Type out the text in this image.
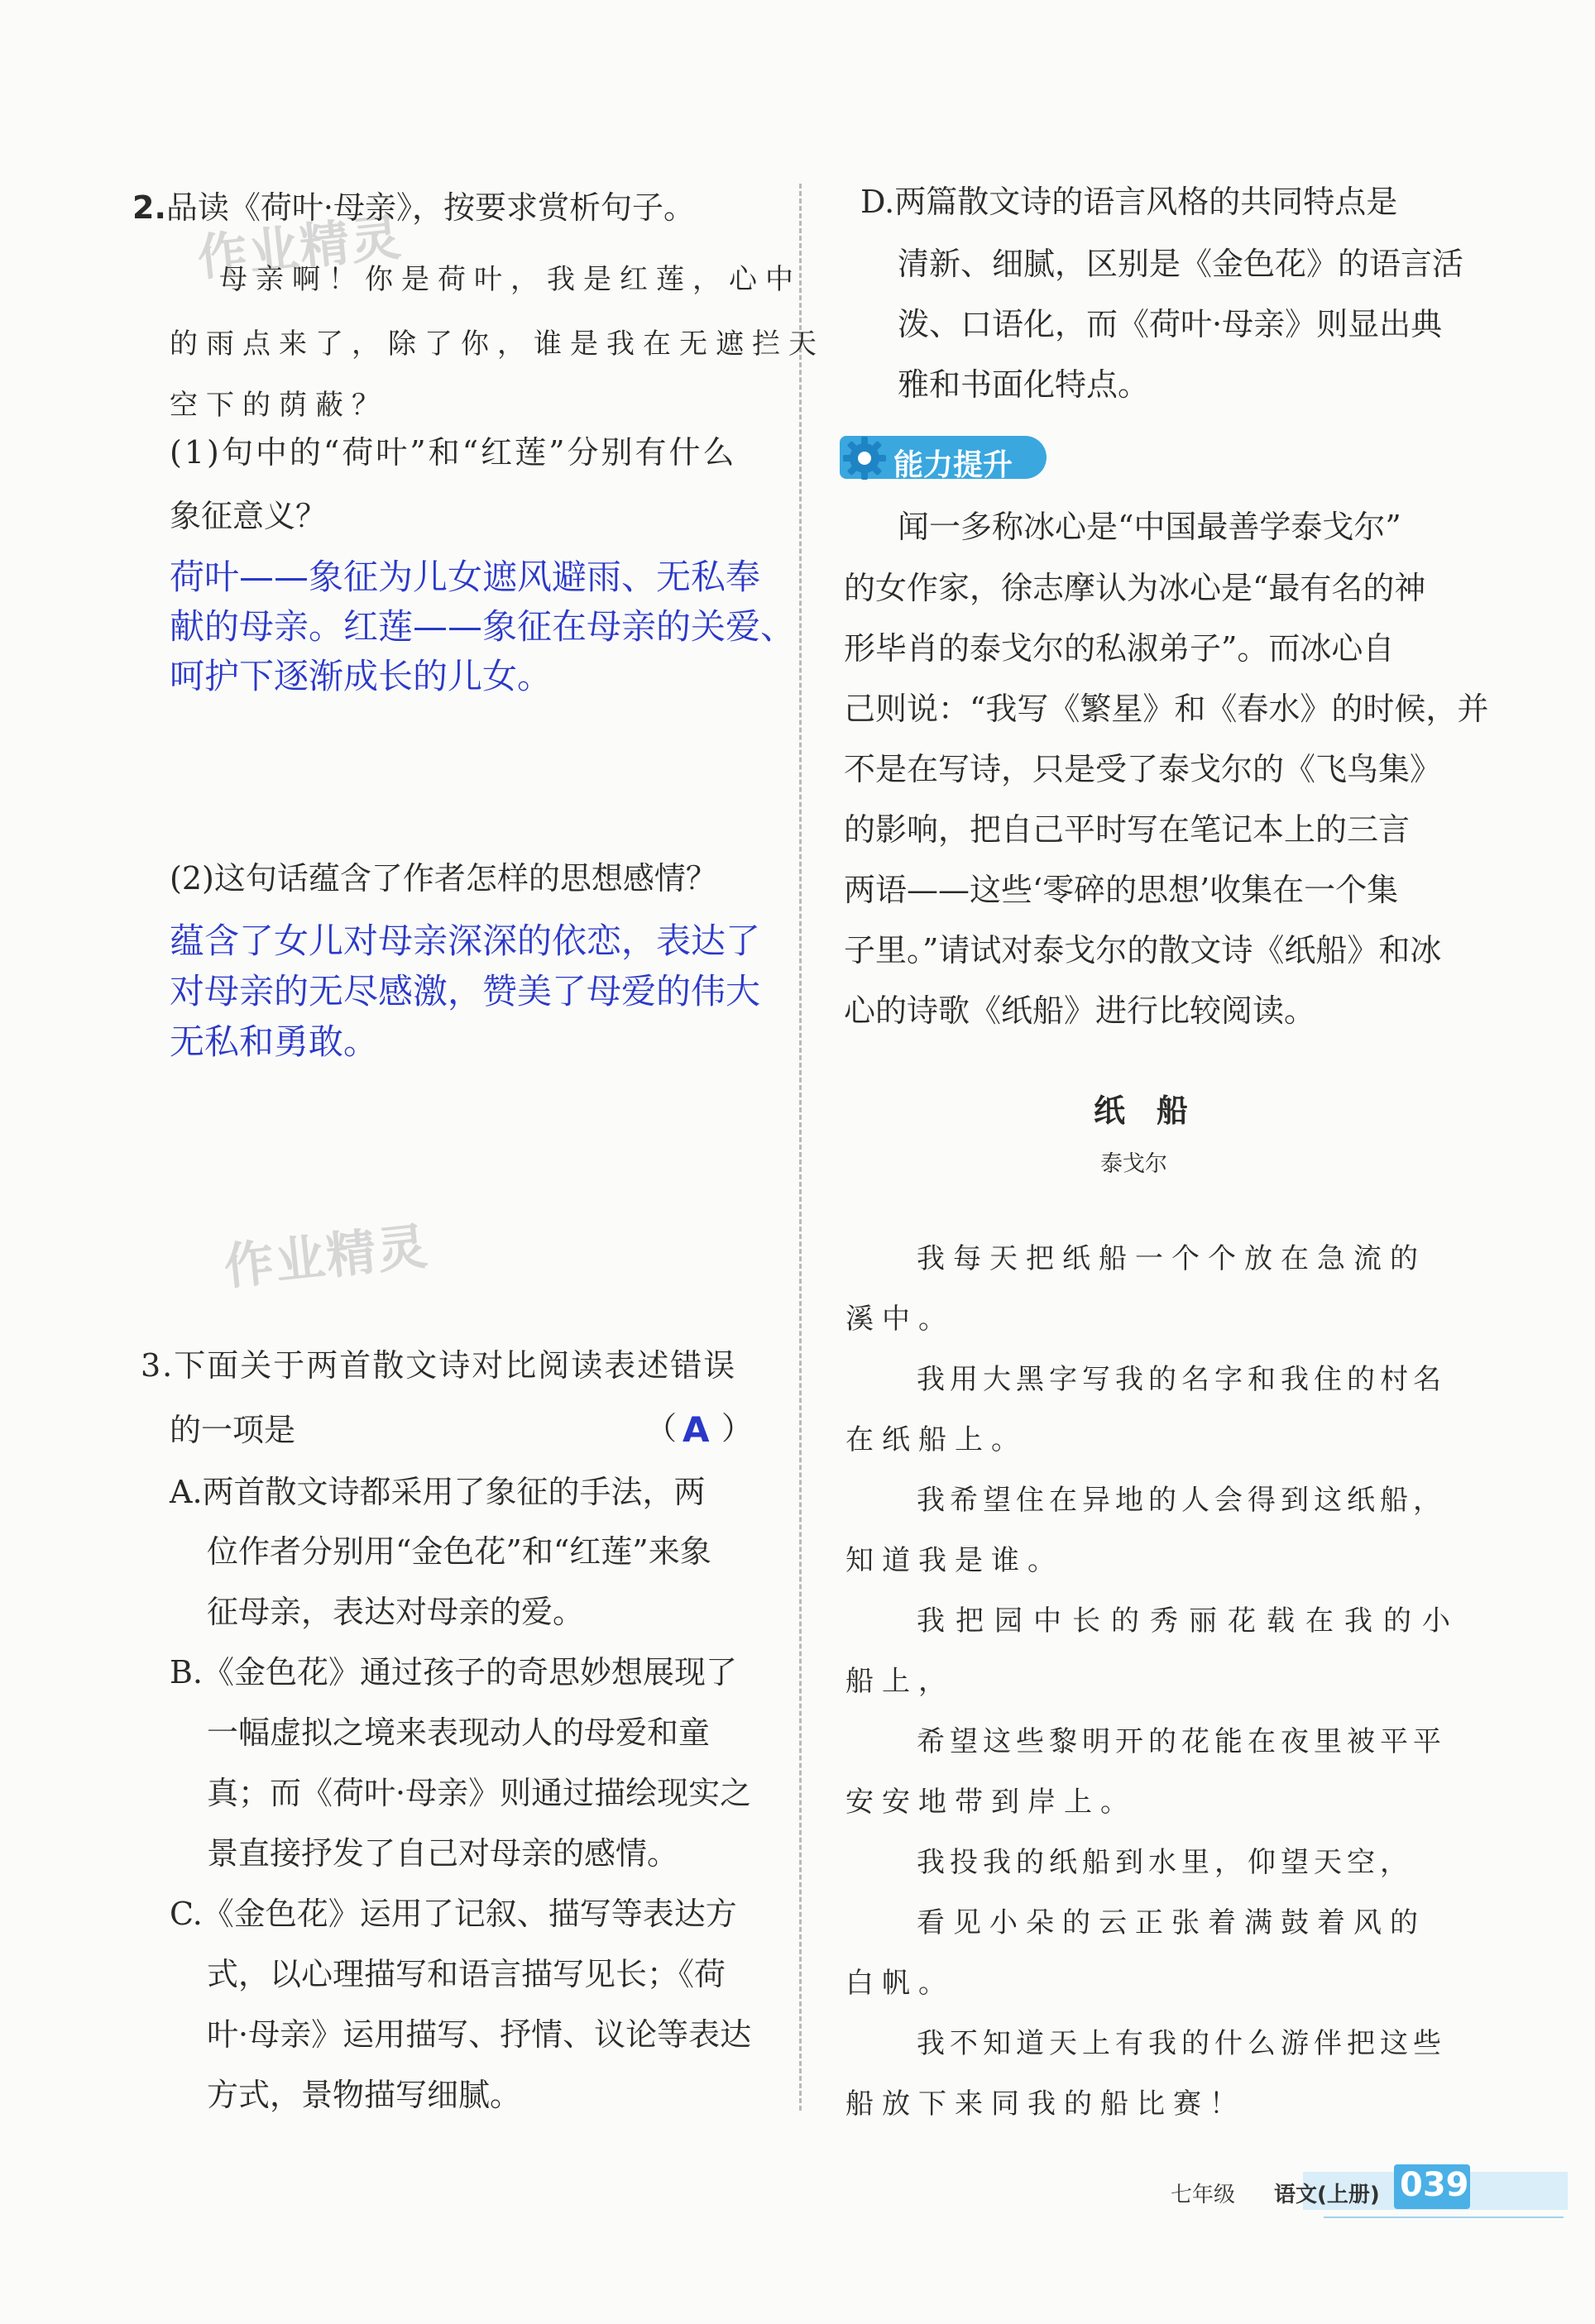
作业精灵
作业精灵
2.品读《荷叶·母亲》，按要求赏析句子。
母亲啊！你是荷叶，我是红莲，心中
的雨点来了，除了你，谁是我在无遮拦天
空下的荫蔽？
(1)句中的“荷叶”和“红莲”分别有什么
象征意义？
荷叶——象征为儿女遮风避雨、无私奉
献的母亲。红莲——象征在母亲的关爱、
呵护下逐渐成长的儿女。
(2)这句话蕴含了作者怎样的思想感情？
蕴含了女儿对母亲深深的依恋，表达了
对母亲的无尽感激，赞美了母爱的伟大
无私和勇敢。
3.下面关于两首散文诗对比阅读表述错误
的一项是	（ A ）
A.两首散文诗都采用了象征的手法，两
位作者分别用“金色花”和“红莲”来象
征母亲，表达对母亲的爱。
B.《金色花》通过孩子的奇思妙想展现了
一幅虚拟之境来表现动人的母爱和童
真；而《荷叶·母亲》则通过描绘现实之
景直接抒发了自己对母亲的感情。
C.《金色花》运用了记叙、描写等表达方
式，以心理描写和语言描写见长；《荷
叶·母亲》运用描写、抒情、议论等表达
方式，景物描写细腻。
D.两篇散文诗的语言风格的共同特点是
清新、细腻，区别是《金色花》的语言活
泼、口语化，而《荷叶·母亲》则显出典
雅和书面化特点。
能力提升
闻一多称冰心是“中国最善学泰戈尔”
的女作家，徐志摩认为冰心是“最有名的神
形毕肖的泰戈尔的私淑弟子”。而冰心自
己则说：“我写《繁星》和《春水》的时候，并
不是在写诗，只是受了泰戈尔的《飞鸟集》
的影响，把自己平时写在笔记本上的三言
两语——这些‘零碎的思想’收集在一个集
子里。”请试对泰戈尔的散文诗《纸船》和冰
心的诗歌《纸船》进行比较阅读。
纸　船
泰戈尔
我每天把纸船一个个放在急流的
溪中。
我用大黑字写我的名字和我住的村名
在纸船上。
我希望住在异地的人会得到这纸船，
知道我是谁。
我把园中长的秀丽花载在我的小
船上，
希望这些黎明开的花能在夜里被平平
安安地带到岸上。
我投我的纸船到水里，仰望天空，
看见小朵的云正张着满鼓着风的
白帆。
我不知道天上有我的什么游伴把这些
船放下来同我的船比赛！
七年级 语文(上册) 039
